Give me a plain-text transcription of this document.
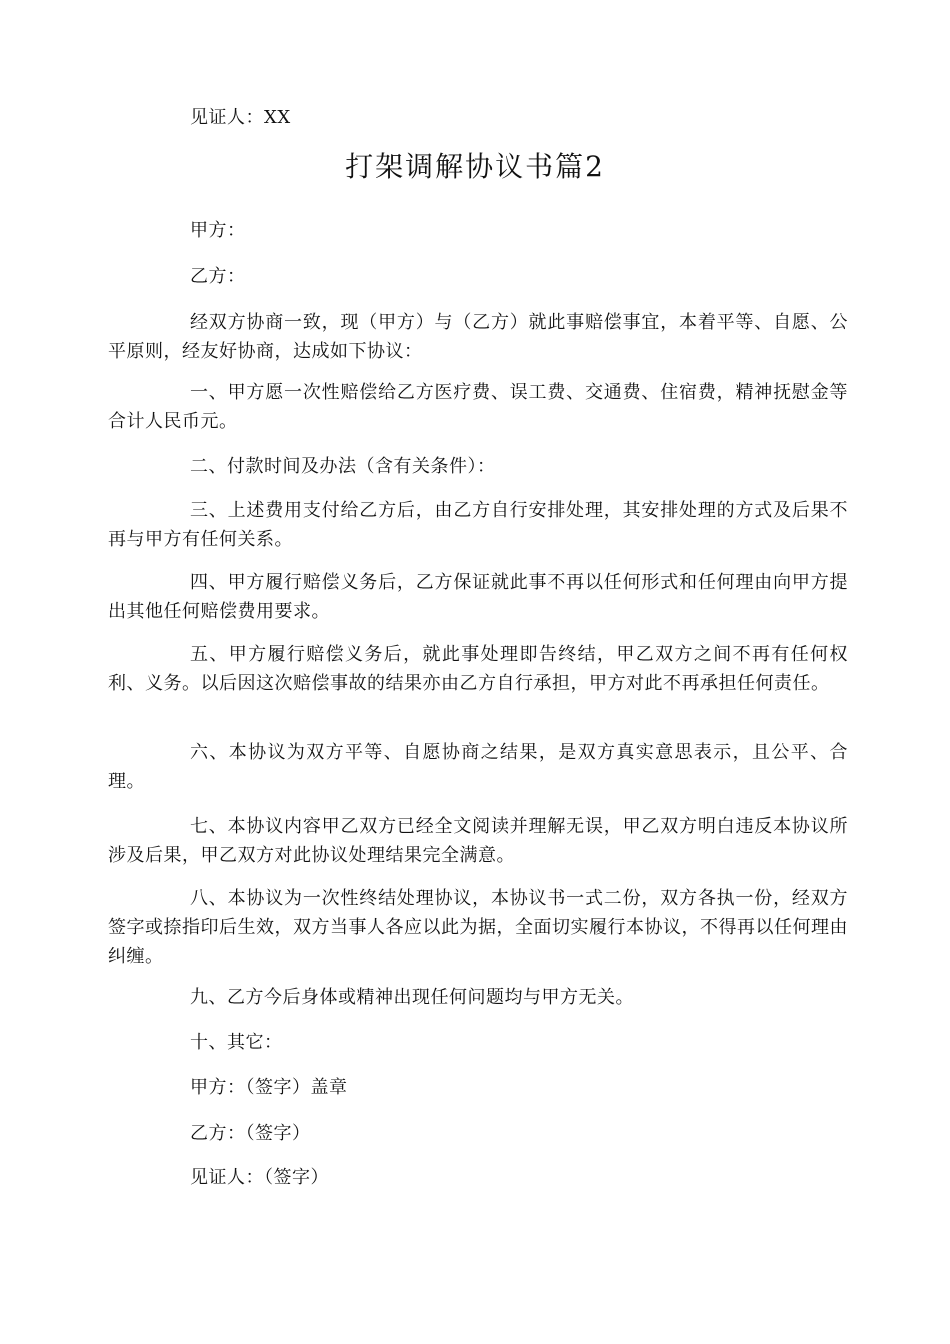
见证人：XX
打架调解协议书篇2
甲方：
乙方：
经双方协商一致，现（甲方）与（乙方）就此事赔偿事宜，本着平等、自愿、公平原则，经友好协商，达成如下协议：
一、甲方愿一次性赔偿给乙方医疗费、误工费、交通费、住宿费，精神抚慰金等合计人民币元。
二、付款时间及办法（含有关条件）：
三、上述费用支付给乙方后，由乙方自行安排处理，其安排处理的方式及后果不再与甲方有任何关系。
四、甲方履行赔偿义务后，乙方保证就此事不再以任何形式和任何理由向甲方提出其他任何赔偿费用要求。
五、甲方履行赔偿义务后，就此事处理即告终结，甲乙双方之间不再有任何权利、义务。以后因这次赔偿事故的结果亦由乙方自行承担，甲方对此不再承担任何责任。
六、本协议为双方平等、自愿协商之结果，是双方真实意思表示，且公平、合理。
七、本协议内容甲乙双方已经全文阅读并理解无误，甲乙双方明白违反本协议所涉及后果，甲乙双方对此协议处理结果完全满意。
八、本协议为一次性终结处理协议，本协议书一式二份，双方各执一份，经双方签字或捺指印后生效，双方当事人各应以此为据，全面切实履行本协议，不得再以任何理由纠缠。
九、乙方今后身体或精神出现任何问题均与甲方无关。
十、其它：
甲方：（签字）盖章
乙方：（签字）
见证人：（签字）
